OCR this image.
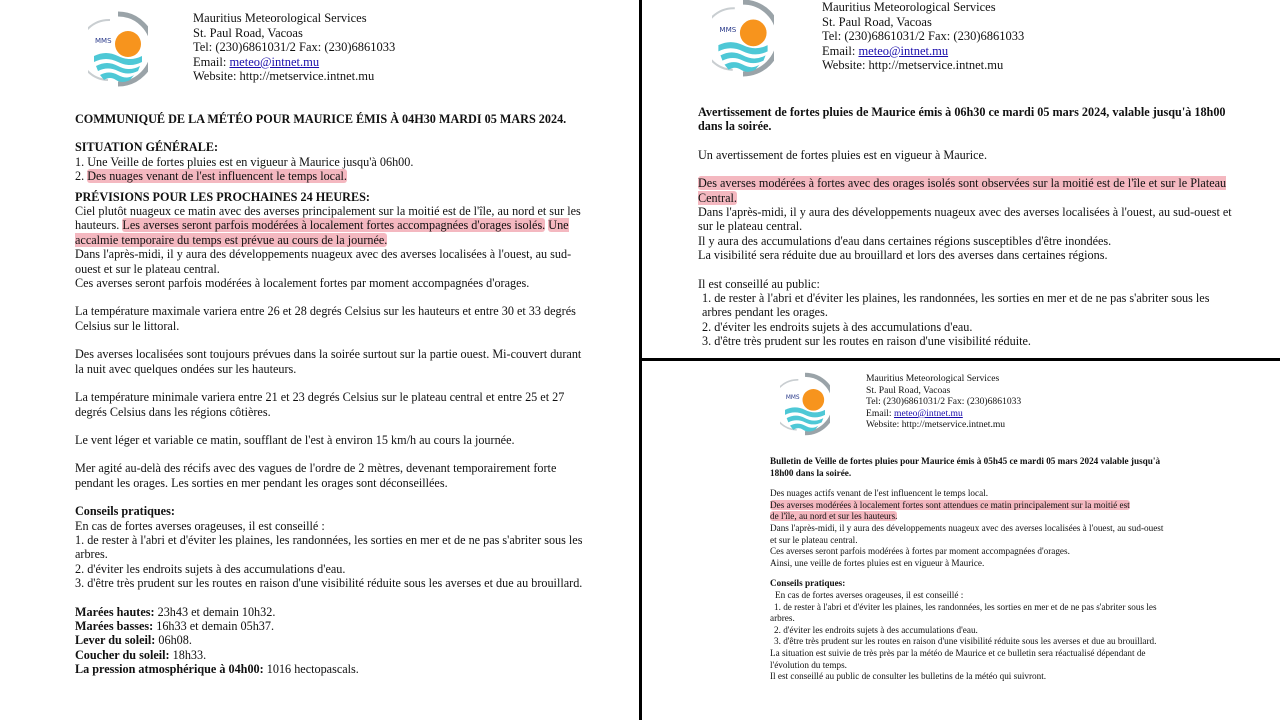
MMS
Mauritius Meteorological Services
St. Paul Road, Vacoas
Tel: (230)6861031/2 Fax: (230)6861033
Email: meteo@intnet.mu
Website: http://metservice.intnet.mu

COMMUNIQUÉ DE LA MÉTÉO POUR MAURICE ÉMIS À 04H30 MARDI 05 MARS 2024.

SITUATION GÉNÉRALE:

1. Une Veille de fortes pluies est en vigueur à Maurice jusqu'à 06h00.

2. Des nuages venant de l'est influencent le temps local.

PRÉVISIONS POUR LES PROCHAINES 24 HEURES:

Ciel plutôt nuageux ce matin avec des averses principalement sur la moitié est de l'île, au nord et sur les hauteurs. Les averses seront parfois modérées à localement fortes accompagnées d'orages isolés. Une accalmie temporaire du temps est prévue au cours de la journée.

Dans l'après-midi, il y aura des développements nuageux avec des averses localisées à l'ouest, au sud-ouest et sur le plateau central.

Ces averses seront parfois modérées à localement fortes par moment accompagnées d'orages.

La température maximale variera entre 26 et 28 degrés Celsius sur les hauteurs et entre 30 et 33 degrés Celsius sur le littoral.

Des averses localisées sont toujours prévues dans la soirée surtout sur la partie ouest. Mi-couvert durant la nuit avec quelques ondées sur les hauteurs.

La température minimale variera entre 21 et 23 degrés Celsius sur le plateau central et entre 25 et 27 degrés Celsius dans les régions côtières.

Le vent léger et variable ce matin, soufflant de l'est à environ 15 km/h au cours la journée.

Mer agité au-delà des récifs avec des vagues de l'ordre de 2 mètres, devenant temporairement forte pendant les orages. Les sorties en mer pendant les orages sont déconseillées.

Conseils pratiques:

En cas de fortes averses orageuses, il est conseillé :

1. de rester à l'abri et d'éviter les plaines, les randonnées, les sorties en mer et de ne pas s'abriter sous les arbres.

2. d'éviter les endroits sujets à des accumulations d'eau.

3. d'être très prudent sur les routes en raison d'une visibilité réduite sous les averses et due au brouillard.

Marées hautes: 23h43 et demain 10h32.

Marées basses: 16h33 et demain 05h37.

Lever du soleil: 06h08.

Coucher du soleil: 18h33.

La pression atmosphérique à 04h00: 1016 hectopascals.

MMS
Mauritius Meteorological Services
St. Paul Road, Vacoas
Tel: (230)6861031/2 Fax: (230)6861033
Email: meteo@intnet.mu
Website: http://metservice.intnet.mu

Avertissement de fortes pluies de Maurice émis à 06h30 ce mardi 05 mars 2024, valable jusqu'à 18h00 dans la soirée.

Un avertissement de fortes pluies est en vigueur à Maurice.

Des averses modérées à fortes avec des orages isolés sont observées sur la moitié est de l'île et sur le Plateau Central.

Dans l'après-midi, il y aura des développements nuageux avec des averses localisées à l'ouest, au sud-ouest et sur le plateau central.

Il y aura des accumulations d'eau dans certaines régions susceptibles d'être inondées.

La visibilité sera réduite due au brouillard et lors des averses dans certaines régions.

Il est conseillé au public:

1. de rester à l'abri et d'éviter les plaines, les randonnées, les sorties en mer et de ne pas s'abriter sous les arbres pendant les orages.

2. d'éviter les endroits sujets à des accumulations d'eau.

3. d'être très prudent sur les routes en raison d'une visibilité réduite.

MMS
Mauritius Meteorological Services
St. Paul Road, Vacoas
Tel: (230)6861031/2 Fax: (230)6861033
Email: meteo@intnet.mu
Website: http://metservice.intnet.mu

Bulletin de Veille de fortes pluies pour Maurice émis à 05h45 ce mardi 05 mars 2024 valable jusqu'à 18h00 dans la soirée.

Des nuages actifs venant de l'est influencent le temps local.

Des averses modérées à localement fortes sont attendues ce matin principalement sur la moitié est

de l'île, au nord et sur les hauteurs.

Dans l'après-midi, il y aura des développements nuageux avec des averses localisées à l'ouest, au sud-ouest et sur le plateau central.

Ces averses seront parfois modérées à fortes par moment accompagnées d'orages.

Ainsi, une veille de fortes pluies est en vigueur à Maurice.

Conseils pratiques:

En cas de fortes averses orageuses, il est conseillé :

1. de rester à l'abri et d'éviter les plaines, les randonnées, les sorties en mer et de ne pas s'abriter sous les arbres.

2. d'éviter les endroits sujets à des accumulations d'eau.

3. d'être très prudent sur les routes en raison d'une visibilité réduite sous les averses et due au brouillard.

La situation est suivie de très près par la météo de Maurice et ce bulletin sera réactualisé dépendant de l'évolution du temps.

Il est conseillé au public de consulter les bulletins de la météo qui suivront.
